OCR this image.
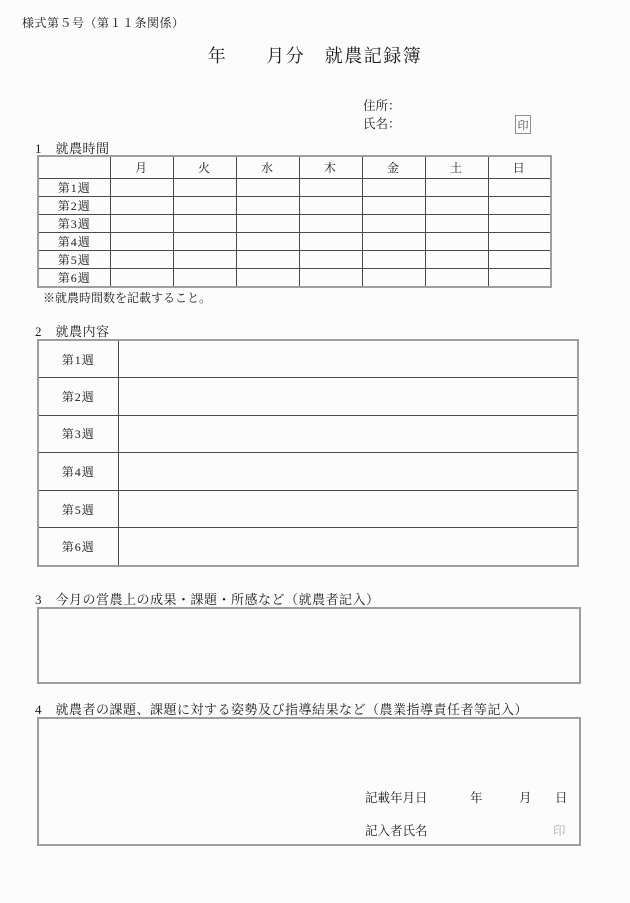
様式第５号（第１１条関係）
年　　月分　就農記録簿
住所：
氏名：	印
1　就農時間
	月	火	水	木	金	土	日
第1週							
第2週							
第3週							
第4週							
第5週							
第6週							
※就農時間数を記載すること。
2　就農内容
第1週	
第2週	
第3週	
第4週	
第5週	
第6週	
3　今月の営農上の成果・課題・所感など（就農者記入）
4　就農者の課題、課題に対する姿勢及び指導結果など（農業指導責任者等記入）
記載年月日	年	月 日
記入者氏名	印
